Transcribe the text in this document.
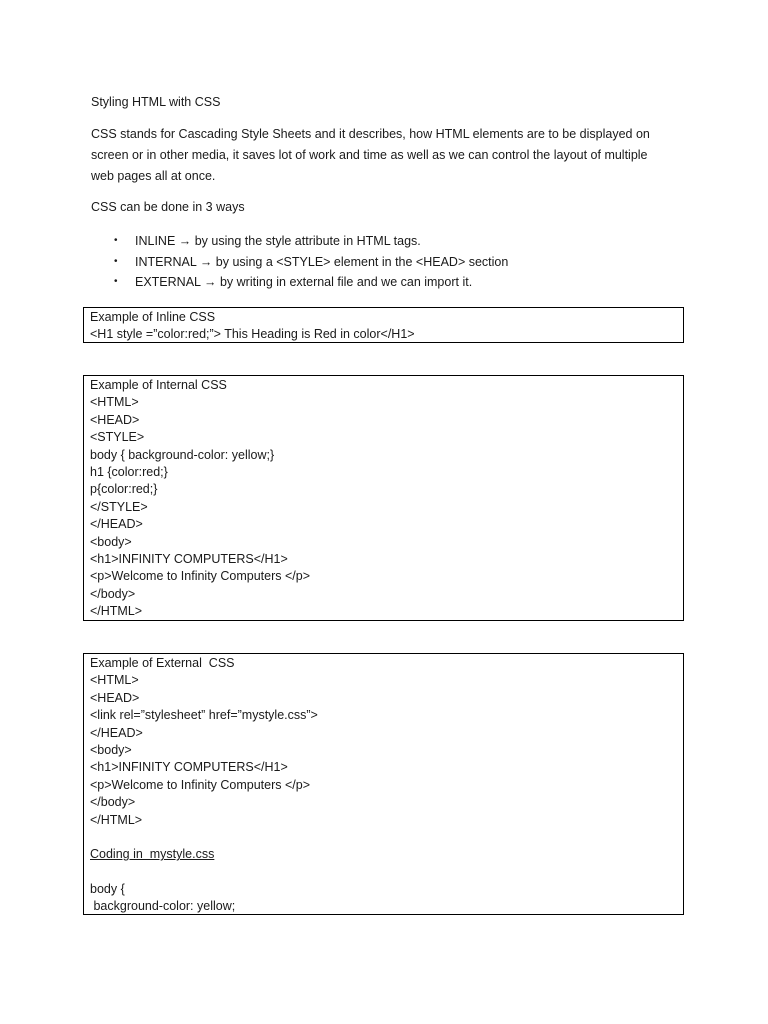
Styling HTML with CSS
CSS stands for Cascading Style Sheets and it describes, how HTML elements are to be displayed on
screen or in other media, it saves lot of work and time as well as we can control the layout of multiple
web pages all at once.
CSS can be done in 3 ways
• INLINE → by using the style attribute in HTML tags.
• INTERNAL → by using a <STYLE> element in the <HEAD> section
• EXTERNAL → by writing in external file and we can import it.
Example of Inline CSS
<H1 style =”color:red;”> This Heading is Red in color</H1>
Example of Internal CSS
<HTML>
<HEAD>
<STYLE>
body { background-color: yellow;}
h1 {color:red;}
p{color:red;}
</STYLE>
</HEAD>
<body>
<h1>INFINITY COMPUTERS</H1>
<p>Welcome to Infinity Computers </p>
</body>
</HTML>
Example of External  CSS
<HTML>
<HEAD>
<link rel=”stylesheet” href=”mystyle.css”>
</HEAD>
<body>
<h1>INFINITY COMPUTERS</H1>
<p>Welcome to Infinity Computers </p>
</body>
</HTML>
Coding in  mystyle.css
body {
background-color: yellow;
